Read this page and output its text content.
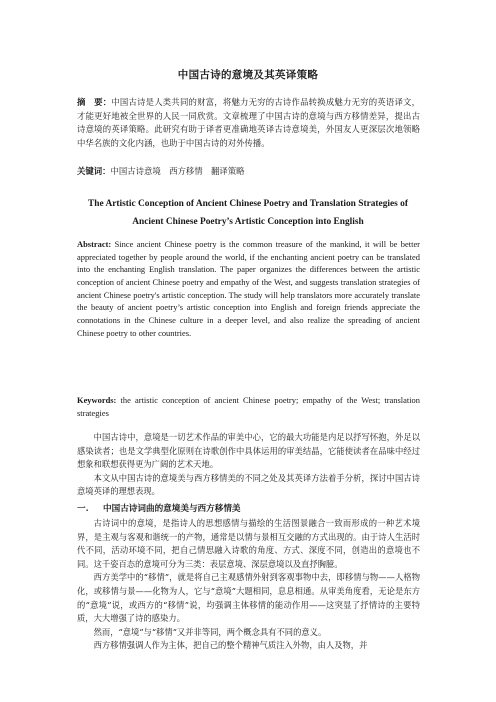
中国古诗的意境及其英译策略
摘　要：中国古诗是人类共同的财富，将魅力无穷的古诗作品转换成魅力无穷的英语译文，才能更好地被全世界的人民一同欣赏。文章梳理了中国古诗的意境与西方移情差异，提出古诗意境的英译策略。此研究有助于译者更准确地英译古诗意境美，外国友人更深层次地领略中华名族的文化内涵，也助于中国古诗的对外传播。
关键词：中国古诗意境　西方移情　翻译策略
The Artistic Conception of Ancient Chinese Poetry and Translation Strategies of
Ancient Chinese Poetry’s Artistic Conception into English
Abstract: Since ancient Chinese poetry is the common treasure of the mankind, it will be better appreciated together by people around the world, if the enchanting ancient poetry can be translated into the enchanting English translation. The paper organizes the differences between the artistic conception of ancient Chinese poetry and empathy of the West, and suggests translation strategies of ancient Chinese poetry's artistic conception. The study will help translators more accurately translate the beauty of ancient poetry’s artistic conception into English and foreign friends appreciate the connotations in the Chinese culture in a deeper level, and also realize the spreading of ancient Chinese poetry to other countries.
Keywords: the artistic conception of ancient Chinese poetry; empathy of the West; translation strategies

中国古诗中，意境是一切艺术作品的审美中心，它的最大功能是内足以抒写怀抱，外足以感染读者；也是文学典型化原则在诗歌创作中具体运用的审美结晶，它能使读者在品味中经过想象和联想获得更为广阔的艺术天地。

本文从中国古诗的意境美与西方移情美的不同之处及其英译方法着手分析，探讨中国古诗意境英译的理想表现。

一. 中国古诗词曲的意境美与西方移情美

古诗词中的意境，是指诗人的思想感情与描绘的生活图景融合一致而形成的一种艺术境界，是主观与客观和谐统一的产物，通常是以情与景相互交融的方式出现的。由于诗人生活时代不同，活动环境不同，把自己情思融入诗歌的角度、方式、深度不同，创造出的意境也不同。这千姿百态的意境可分为三类：表层意境、深层意境以及直抒胸臆。

西方美学中的“移情”，就是将自己主观感情外射到客观事物中去，即移情与物——人格物化，或移情与景——化物为人，它与“意境”大题相同，息息相通。从审美角度看，无论是东方的“意境”说，或西方的“移情”说，均强调主体移情的能动作用——这突显了抒情诗的主要特质，大大增强了诗的感染力。

然而，“意境”与“移情”又并非等同，两个概念具有不同的意义。

西方移情强调人作为主体，把自己的整个精神气质注入外物，由人及物，并
